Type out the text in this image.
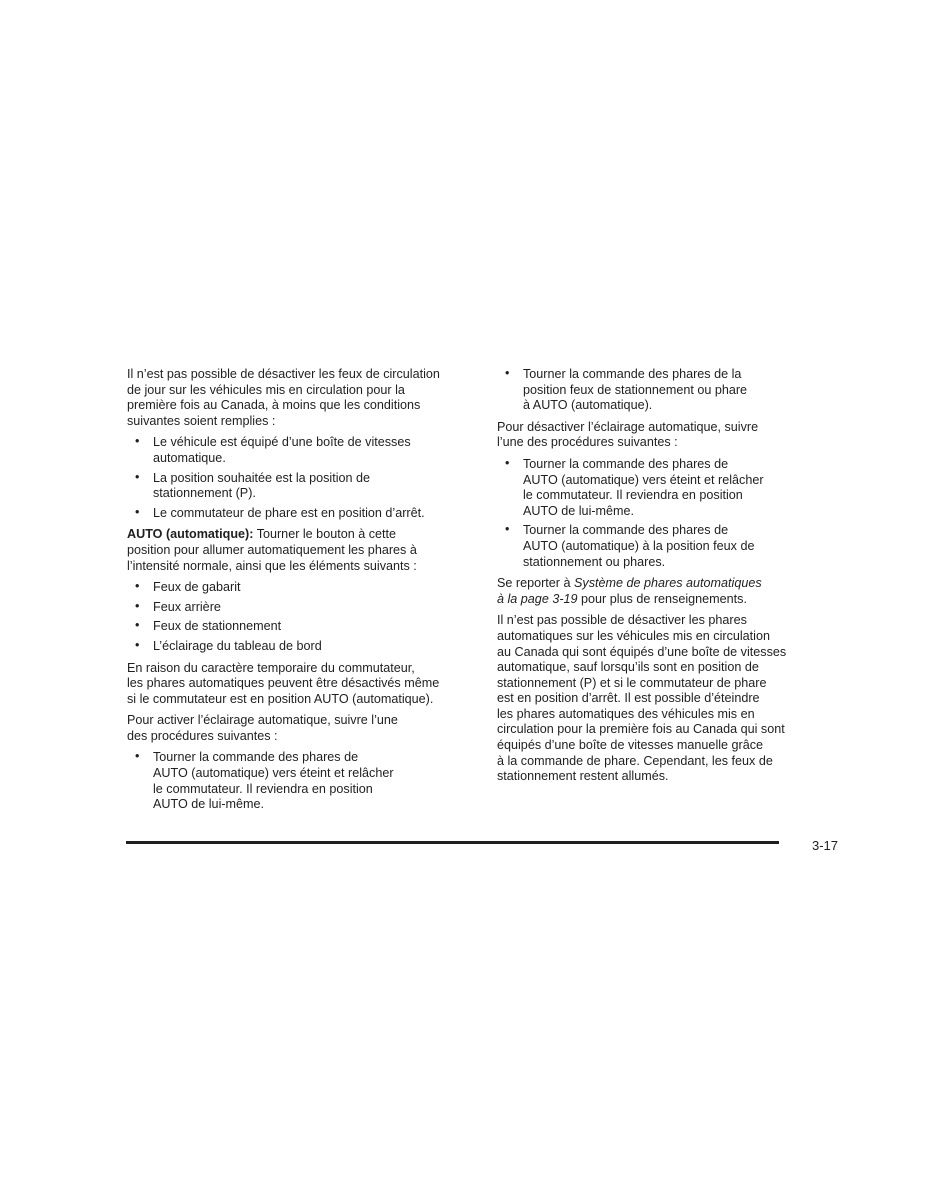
Il n’est pas possible de désactiver les feux de circulation
de jour sur les véhicules mis en circulation pour la
première fois au Canada, à moins que les conditions
suivantes soient remplies :

• Le véhicule est équipé d’une boîte de vitesses
automatique.
• La position souhaitée est la position de
stationnement (P).
• Le commutateur de phare est en position d’arrêt.

AUTO (automatique): Tourner le bouton à cette
position pour allumer automatiquement les phares à
l’intensité normale, ainsi que les éléments suivants :

• Feux de gabarit
• Feux arrière
• Feux de stationnement
• L’éclairage du tableau de bord

En raison du caractère temporaire du commutateur,
les phares automatiques peuvent être désactivés même
si le commutateur est en position AUTO (automatique).

Pour activer l’éclairage automatique, suivre l’une
des procédures suivantes :

• Tourner la commande des phares de
AUTO (automatique) vers éteint et relâcher
le commutateur. Il reviendra en position
AUTO de lui-même.
• Tourner la commande des phares de la
position feux de stationnement ou phare
à AUTO (automatique).

Pour désactiver l’éclairage automatique, suivre
l’une des procédures suivantes :

• Tourner la commande des phares de
AUTO (automatique) vers éteint et relâcher
le commutateur. Il reviendra en position
AUTO de lui-même.
• Tourner la commande des phares de
AUTO (automatique) à la position feux de
stationnement ou phares.

Se reporter à Système de phares automatiques
à la page 3-19 pour plus de renseignements.

Il n’est pas possible de désactiver les phares
automatiques sur les véhicules mis en circulation
au Canada qui sont équipés d’une boîte de vitesses
automatique, sauf lorsqu’ils sont en position de
stationnement (P) et si le commutateur de phare
est en position d’arrêt. Il est possible d’éteindre
les phares automatiques des véhicules mis en
circulation pour la première fois au Canada qui sont
équipés d’une boîte de vitesses manuelle grâce
à la commande de phare. Cependant, les feux de
stationnement restent allumés.

3-17
